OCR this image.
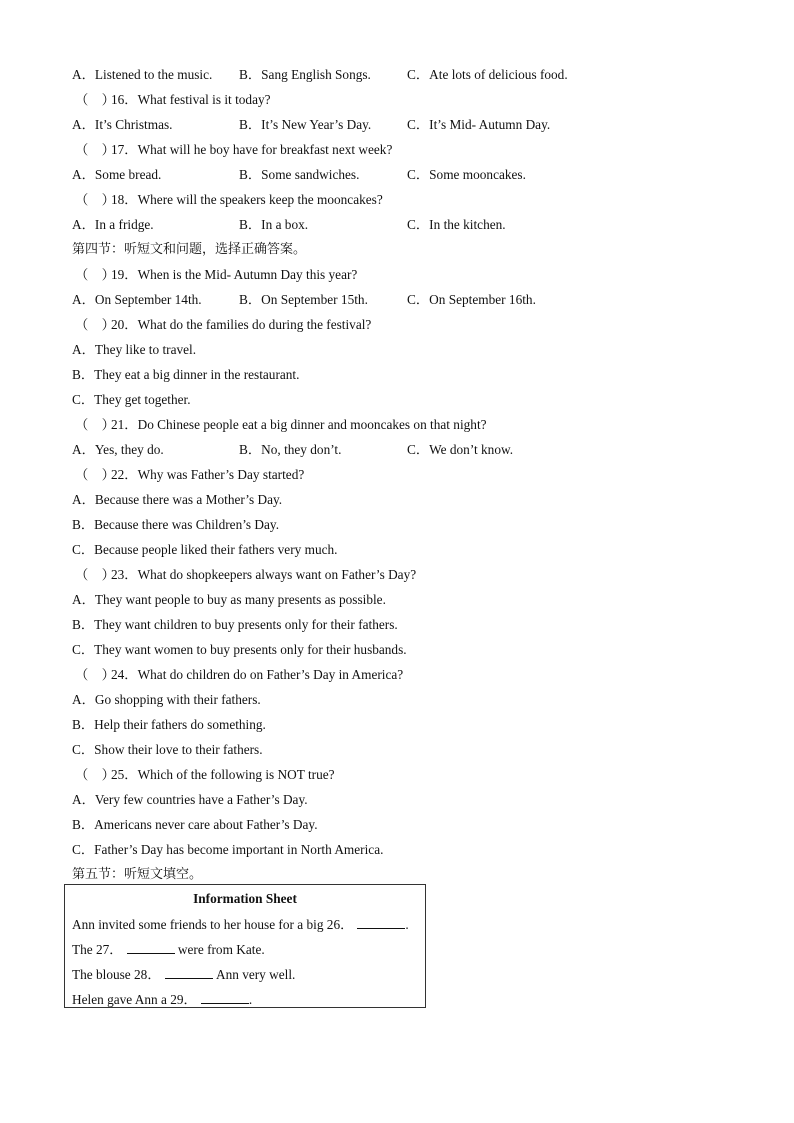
A．Listened to the music. B．Sang English Songs.	C．Ate lots of delicious food.
（ ）16．What festival is it today?
A．It’s Christmas.	B．It’s New Year’s Day.	C．It’s Mid- Autumn Day.
（ ）17．What will he boy have for breakfast next week?
A．Some bread.	B．Some sandwiches.	C．Some mooncakes.
（ ）18．Where will the speakers keep the mooncakes?
A．In a fridge.	B．In a box.	C．In the kitchen.
第四节：听短文和问题，选择正确答案。
（ ）19．When is the Mid- Autumn Day this year?
A．On September 14th.	B．On September 15th.	C．On September 16th.
（ ）20．What do the families do during the festival?
A．They like to travel.
B．They eat a big dinner in the restaurant.
C．They get together.
（ ）21．Do Chinese people eat a big dinner and mooncakes on that night?
A．Yes, they do.	B．No, they don’t.	C．We don’t know.
（ ）22．Why was Father’s Day started?
A．Because there was a Mother’s Day.
B．Because there was Children’s Day.
C．Because people liked their fathers very much.
（ ）23．What do shopkeepers always want on Father’s Day?
A．They want people to buy as many presents as possible.
B．They want children to buy presents only for their fathers.
C．They want women to buy presents only for their husbands.
（ ）24．What do children do on Father’s Day in America?
A．Go shopping with their fathers.
B．Help their fathers do something.
C．Show their love to their fathers.
（ ）25．Which of the following is NOT true?
A．Very few countries have a Father’s Day.
B．Americans never care about Father’s Day.
C．Father’s Day has become important in North America.
第五节：听短文填空。
Information Sheet
Ann invited some friends to her house for a big 26．	.
The 27．	were from Kate.
The blouse 28．	Ann very well.
Helen gave Ann a 29．	.
